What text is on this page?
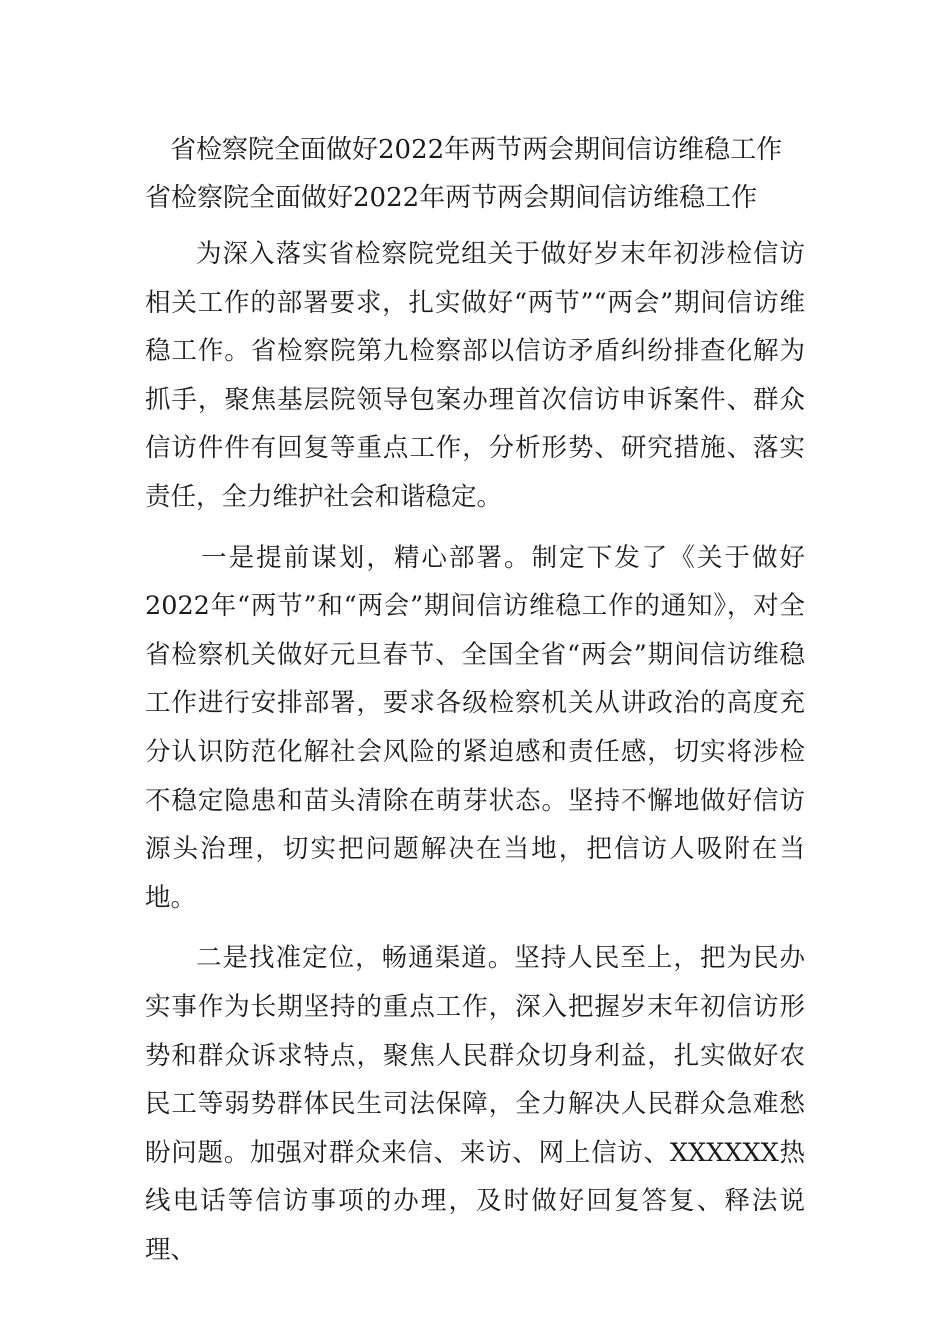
省检察院全面做好2022年两节两会期间信访维稳工作
省检察院全面做好2022年两节两会期间信访维稳工作

为深入落实省检察院党组关于做好岁末年初涉检信访相关工作的部署要求，扎实做好“两节”“两会”期间信访维稳工作。省检察院第九检察部以信访矛盾纠纷排查化解为抓手，聚焦基层院领导包案办理首次信访申诉案件、群众信访件件有回复等重点工作，分析形势、研究措施、落实责任，全力维护社会和谐稳定。

一是提前谋划，精心部署。制定下发了《关于做好2022年“两节”和“两会”期间信访维稳工作的通知》，对全省检察机关做好元旦春节、全国全省“两会”期间信访维稳工作进行安排部署，要求各级检察机关从讲政治的高度充分认识防范化解社会风险的紧迫感和责任感，切实将涉检不稳定隐患和苗头清除在萌芽状态。坚持不懈地做好信访源头治理，切实把问题解决在当地，把信访人吸附在当地。

二是找准定位，畅通渠道。坚持人民至上，把为民办实事作为长期坚持的重点工作，深入把握岁末年初信访形势和群众诉求特点，聚焦人民群众切身利益，扎实做好农民工等弱势群体民生司法保障，全力解决人民群众急难愁盼问题。加强对群众来信、来访、网上信访、XXXXXX热线电话等信访事项的办理，及时做好回复答复、释法说理、
